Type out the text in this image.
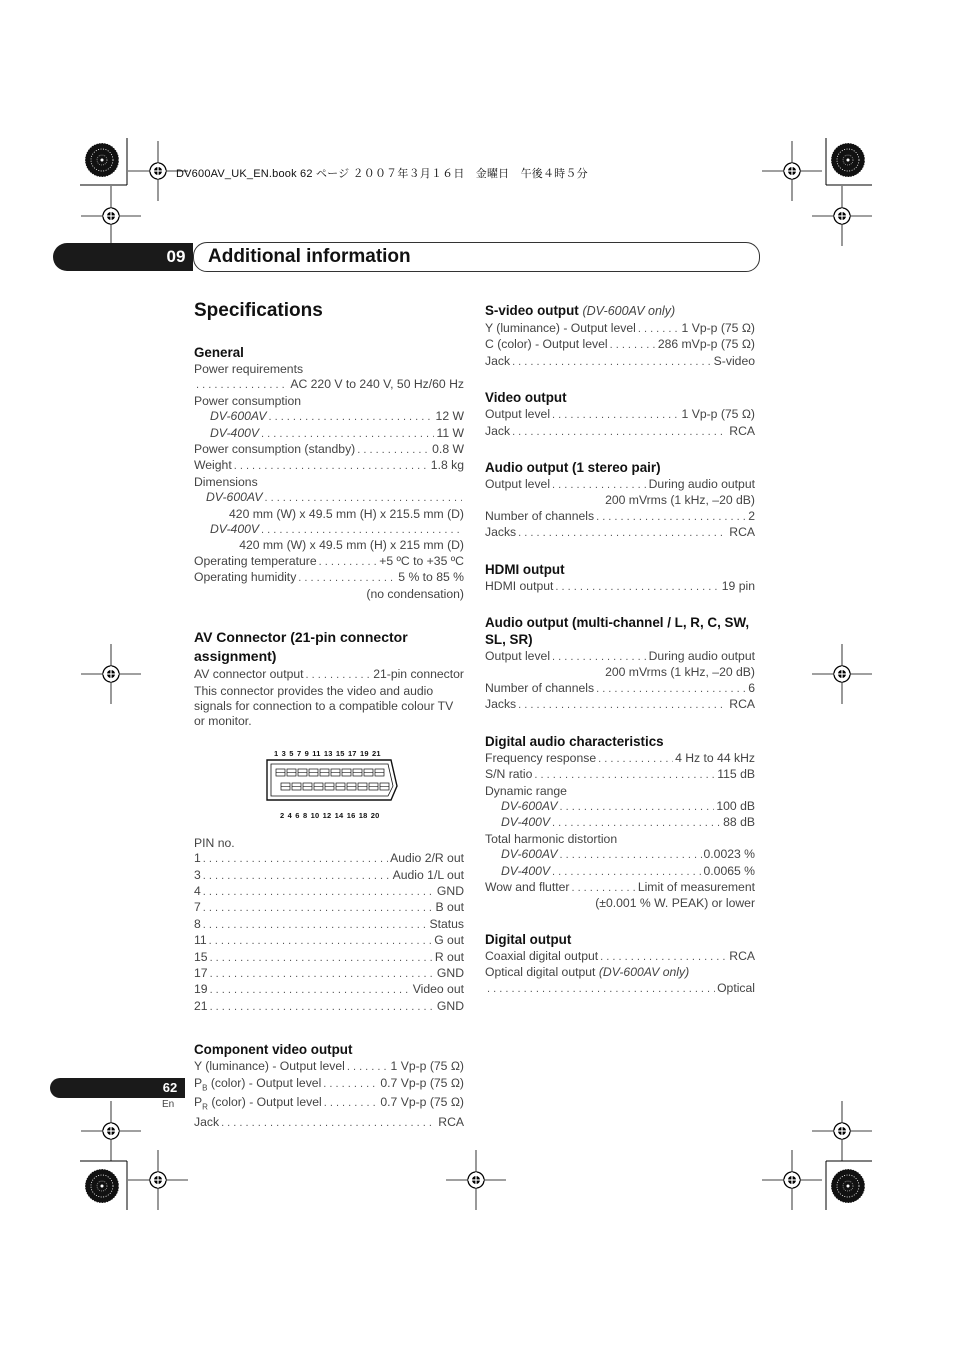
DV600AV_UK_EN.book 62 ページ ２００７年３月１６日　金曜日　午後４時５分
09	Additional information
Specifications
General
Power requirements
. . .
AC 220 V to 240 V, 50 Hz/60 Hz
Power consumption
DV-600AV . . .	12 W
DV-400V . . .	11 W
Power consumption (standby) . . .	0.8 W
Weight . . .	1.8 kg
Dimensions
DV-600AV
. . .
420 mm (W) x 49.5 mm (H) x 215.5 mm (D)
DV-400V
. . .
420 mm (W) x 49.5 mm (H) x 215 mm (D)
Operating temperature . . .	+5 ºC to +35 ºC
Operating humidity . . .	5 % to 85 %
(no condensation)
AV Connector (21-pin connector assignment)
AV connector output . . .	21-pin connector
This connector provides the video and audio signals for connection to a compatible colour TV or monitor.
1 3 5 7 9 11 13 15 17 19 21
2 4 6 8 10 12 14 16 18 20
PIN no.
1 . . .	Audio 2/R out
3 . . .	Audio 1/L out
4 . . .	GND
7 . . .	B out
8 . . .	Status
11 . . .	G out
15 . . .	R out
17 . . .	GND
19 . . .	Video out
21 . . .	GND
Component video output
Y (luminance) - Output level . . .	1 Vp-p (75 Ω)
$P_B$ (color) - Output level . . .	0.7 Vp-p (75 Ω)
$P_R$ (color) - Output level . . .	0.7 Vp-p (75 Ω)
Jack . . .	RCA
S-video output (DV-600AV only)
Y (luminance) - Output level . . .	1 Vp-p (75 Ω)
C (color) - Output level . . .	286 mVp-p (75 Ω)
Jack . . .	S-video
Video output
Output level . . .	1 Vp-p (75 Ω)
Jack . . .	RCA
Audio output (1 stereo pair)
Output level . . .	During audio output
200 mVrms (1 kHz, –20 dB)
Number of channels . . .	2
Jacks . . .	RCA
HDMI output
HDMI output . . .	19 pin
Audio output (multi-channel / L, R, C, SW, SL, SR)
Output level . . .	During audio output
200 mVrms (1 kHz, –20 dB)
Number of channels . . .	6
Jacks . . .	RCA
Digital audio characteristics
Frequency response . . .	4 Hz to 44 kHz
S/N ratio . . .	115 dB
Dynamic range
DV-600AV . . .	100 dB
DV-400V . . .	88 dB
Total harmonic distortion
DV-600AV . . .	0.0023 %
DV-400V . . .	0.0065 %
Wow and flutter . . .	Limit of measurement
(±0.001 % W. PEAK) or lower
Digital output
Coaxial digital output . . .	RCA
Optical digital output (DV-600AV only)
. . .
Optical
62
En
